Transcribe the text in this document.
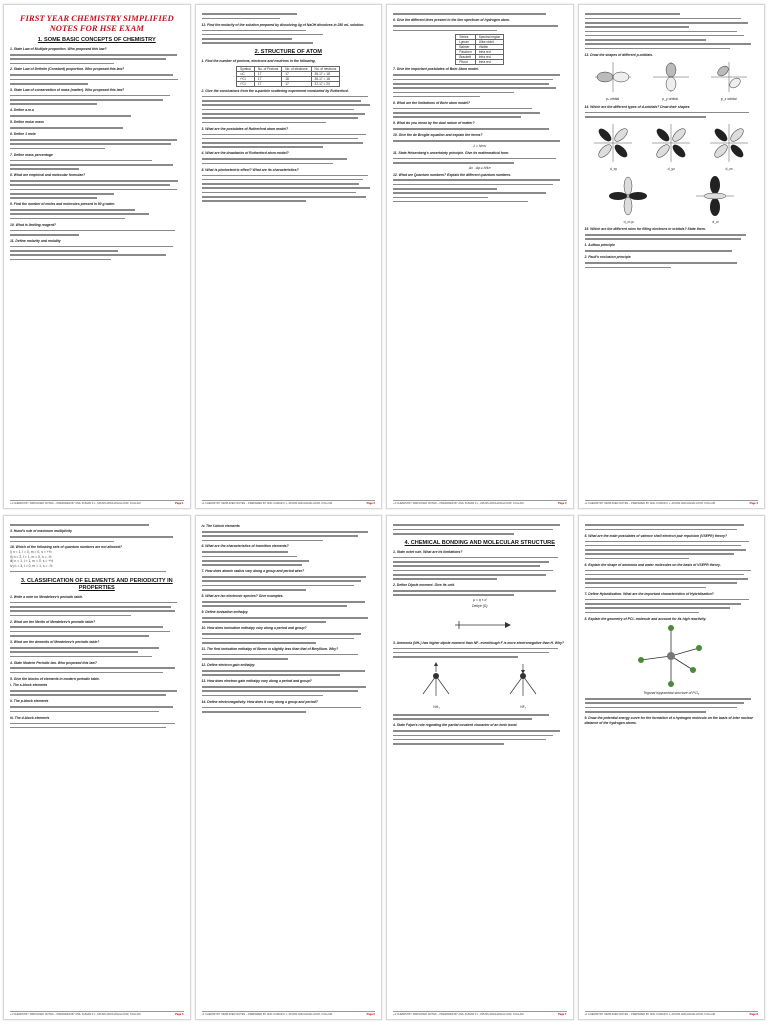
FIRST YEAR CHEMISTRY SIMPLIFIED NOTES FOR HSE EXAM
1. SOME BASIC CONCEPTS OF CHEMISTRY
1. State Law of Multiple proportion. Who proposed this law?
2. State Law of Definite (Constant) proportion. Who proposed this law?
3. State Law of conservation of mass (matter). Who proposed this law?
4. Define a.m.u
5. Define molar mass
6. Define 1 mole
7. Define mass percentage
8. What are empirical and molecular formulae?
9. Find the number of moles and molecules present in 90 g water.
10. What is limiting reagent?
11. Define molarity and molality
+1 CHEMISTRY SIMPLIFIED NOTES – PREPARED BY ANIL KUMAR K L, APHSS ADICHANALLOOR, KOLLAM	Page 1
12. Find the molarity of the solution prepared by dissolving 4g of NaOH dissolves in 250 mL solution.
2. STRUCTURE OF ATOM
1. Find the number of protons, electrons and neutrons in the following.
Symbol	No. of Protons	No. of electrons	No. of neutrons
¹²C	17	17	35-17 = 18
³⁵Cl	17	18	35-17 = 18
³⁷Cl	17	17	37-17 = 20
2. Give the conclusions from the α-particle scattering experiment conducted by Rutherford.
3. What are the postulates of Rutherford atom model?
4. What are the drawbacks of Rutherford atom model?
5. What is photoelectric effect? What are its characteristics?
+1 CHEMISTRY SIMPLIFIED NOTES – PREPARED BY ANIL KUMAR K L, APHSS ADICHANALLOOR, KOLLAM	Page 2
6. Give the different lines present in the line spectrum of hydrogen atom.
Series	Spectral region
Lyman	Ultra violet
Balmer	Visible
Paschen	Infra red
Brackett	Infra red
Pfund	Infra red
7. Give the important postulates of Bohr Atom model.
8. What are the limitations of Bohr atom model?
9. What do you mean by the dual nature of matter?
10. Give the de Broglie equation and explain the terms?
λ = h/mv
11. State Heisenberg's uncertainty principle. Give its mathematical form.
Δx . Δp ≥ h/4π
12. What are Quantum numbers? Explain the different quantum numbers.
+1 CHEMISTRY SIMPLIFIED NOTES – PREPARED BY ANIL KUMAR K L, APHSS ADICHANALLOOR, KOLLAM	Page 3
13. Draw the shapes of different p-orbitals.
pₓ orbital	p_y orbital	p_z orbital
14. Which are the different types of d-orbitals? Draw their shapes.
d_xy	d_yz	d_zx
d_x²-y²	d_z²
15. Which are the different rules for filling electrons in orbitals? State them.
1. Aufbau principle
2. Pauli's exclusion principle
+1 CHEMISTRY SIMPLIFIED NOTES – PREPARED BY ANIL KUMAR K L, APHSS ADICHANALLOOR, KOLLAM	Page 4
3. Hund's rule of maximum multiplicity
16. Which of the following sets of quantum numbers are not allowed?
i) n = 1, l = 0, m = 0, s = +½
ii) n = 2, l = 1, m = 0, s = -½
iii) n = 1, l = 1, m = 0, s = +½
iv) n = 3, l = 0, m = 1, s = -½
3. CLASSIFICATION OF ELEMENTS AND PERIODICITY IN PROPERTIES
1. Write a note on Mendeleev's periodic table.
2. What are the Merits of Mendeleev's periodic table?
3. What are the demerits of Mendeleev's periodic table?
4. State Modern Periodic law. Who proposed this law?
5. Give the blocks of elements in modern periodic table.
i. The s-block elements
ii. The p-block elements
iii. The d-block elements
+1 CHEMISTRY SIMPLIFIED NOTES – PREPARED BY ANIL KUMAR K L, APHSS ADICHANALLOOR, KOLLAM	Page 5
iv. The f-block elements
6. What are the characteristics of transition elements?
7. How does atomic radius vary along a group and period wise?
8. What are Iso electronic species? Give examples.
9. Define ionisation enthalpy.
10. How does ionisation enthalpy vary along a period and group?
11. The first ionisation enthalpy of Boron is slightly less than that of Beryllium. Why?
12. Define electron gain enthalpy.
13. How does electron gain enthalpy vary along a period and group?
14. Define electronegativity. How does it vary along a group and period?
+1 CHEMISTRY SIMPLIFIED NOTES – PREPARED BY ANIL KUMAR K L, APHSS ADICHANALLOOR, KOLLAM	Page 6
4. CHEMICAL BONDING AND MOLECULAR STRUCTURE
1. State octet rule. What are its limitations?
2. Define Dipole moment. Give its unit.
μ = q × d
Debye (D)
3. Ammonia (NH₃) has higher dipole moment than NF₃ eventhough F is more electronegative than H. Why?
NH₃	NF₃
4. State Fajan's rule regarding the partial covalent character of an ionic bond.
+1 CHEMISTRY SIMPLIFIED NOTES – PREPARED BY ANIL KUMAR K L, APHSS ADICHANALLOOR, KOLLAM	Page 7
5. What are the main postulates of valence shell electron pair repulsion (VSEPR) theory?
6. Explain the shape of ammonia and water molecules on the basis of VSEPR theory.
7. Define Hybridisation. What are the important characteristics of Hybridisation?
8. Explain the geometry of PCl₅ molecule and account for its high reactivity.
Trigonal bipyramidal structure of PCl₅
9. Draw the potential energy curve for the formation of a hydrogen molecule on the basis of inter nuclear distance of the hydrogen atoms.
+1 CHEMISTRY SIMPLIFIED NOTES – PREPARED BY ANIL KUMAR K L, APHSS ADICHANALLOOR, KOLLAM	Page 8
